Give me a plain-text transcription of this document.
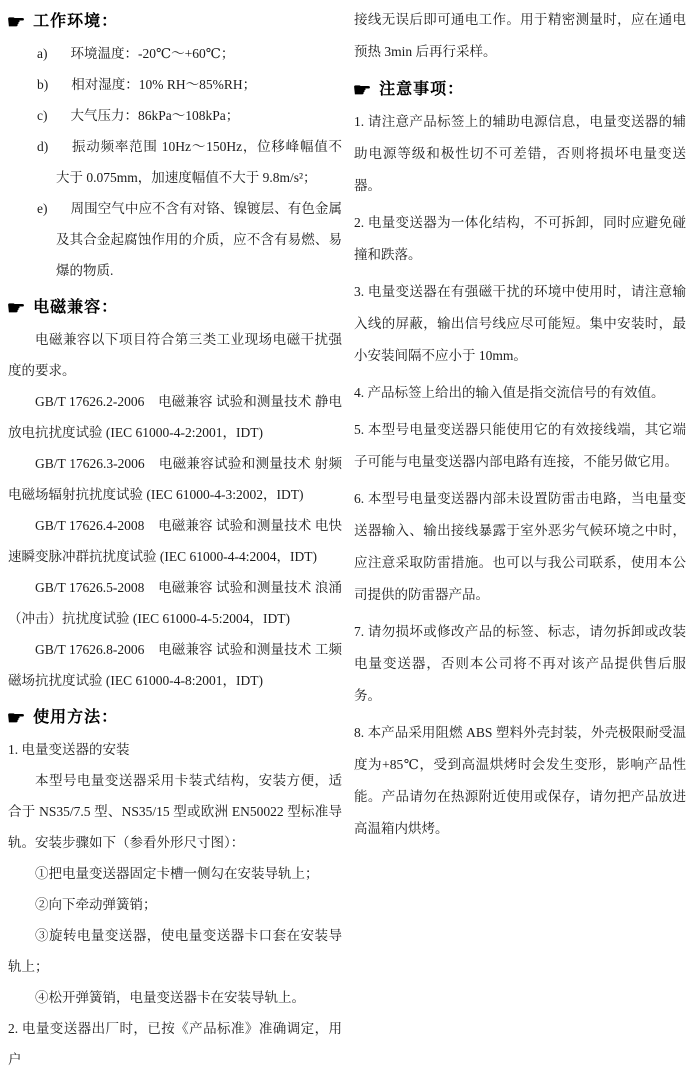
☛ 工作环境：

a) 环境温度：-20℃～+60℃；

b) 相对湿度：10% RH～85%RH；

c) 大气压力：86kPa～108kPa；

d) 振动频率范围 10Hz～150Hz，位移峰幅值不大于 0.075mm，加速度幅值不大于 9.8m/s²；

e) 周围空气中应不含有对铬、镍镀层、有色金属及其合金起腐蚀作用的介质，应不含有易燃、易爆的物质.

☛ 电磁兼容：

电磁兼容以下项目符合第三类工业现场电磁干扰强度的要求。

GB/T 17626.2-2006　电磁兼容 试验和测量技术 静电放电抗扰度试验 (IEC 61000-4-2:2001，IDT)

GB/T 17626.3-2006　电磁兼容试验和测量技术 射频电磁场辐射抗扰度试验 (IEC 61000-4-3:2002，IDT)

GB/T 17626.4-2008　电磁兼容 试验和测量技术 电快速瞬变脉冲群抗扰度试验 (IEC 61000-4-4:2004，IDT)

GB/T 17626.5-2008　电磁兼容 试验和测量技术 浪涌（冲击）抗扰度试验 (IEC 61000-4-5:2004，IDT)

GB/T 17626.8-2006　电磁兼容 试验和测量技术 工频磁场抗扰度试验 (IEC 61000-4-8:2001，IDT)

☛ 使用方法：

1. 电量变送器的安装

本型号电量变送器采用卡装式结构，安装方便，适合于 NS35/7.5 型、NS35/15 型或欧洲 EN50022 型标准导轨。安装步骤如下（参看外形尺寸图）：

①把电量变送器固定卡槽一侧勾在安装导轨上；

②向下牵动弹簧销；

③旋转电量变送器，使电量变送器卡口套在安装导轨上；

④松开弹簧销，电量变送器卡在安装导轨上。

2. 电量变送器出厂时，已按《产品标准》准确调定，用户

接线无误后即可通电工作。用于精密测量时，应在通电预热 3min 后再行采样。

☛ 注意事项：

1. 请注意产品标签上的辅助电源信息，电量变送器的辅助电源等级和极性切不可差错，否则将损坏电量变送器。

2. 电量变送器为一体化结构，不可拆卸，同时应避免碰撞和跌落。

3. 电量变送器在有强磁干扰的环境中使用时，请注意输入线的屏蔽，输出信号线应尽可能短。集中安装时，最小安装间隔不应小于 10mm。

4. 产品标签上给出的输入值是指交流信号的有效值。

5. 本型号电量变送器只能使用它的有效接线端，其它端子可能与电量变送器内部电路有连接，不能另做它用。

6. 本型号电量变送器内部未设置防雷击电路，当电量变送器输入、输出接线暴露于室外恶劣气候环境之中时，应注意采取防雷措施。也可以与我公司联系，使用本公司提供的防雷器产品。

7. 请勿损坏或修改产品的标签、标志，请勿拆卸或改装电量变送器，否则本公司将不再对该产品提供售后服务。

8. 本产品采用阻燃 ABS 塑料外壳封装，外壳极限耐受温度为+85℃，受到高温烘烤时会发生变形，影响产品性能。产品请勿在热源附近使用或保存，请勿把产品放进高温箱内烘烤。
